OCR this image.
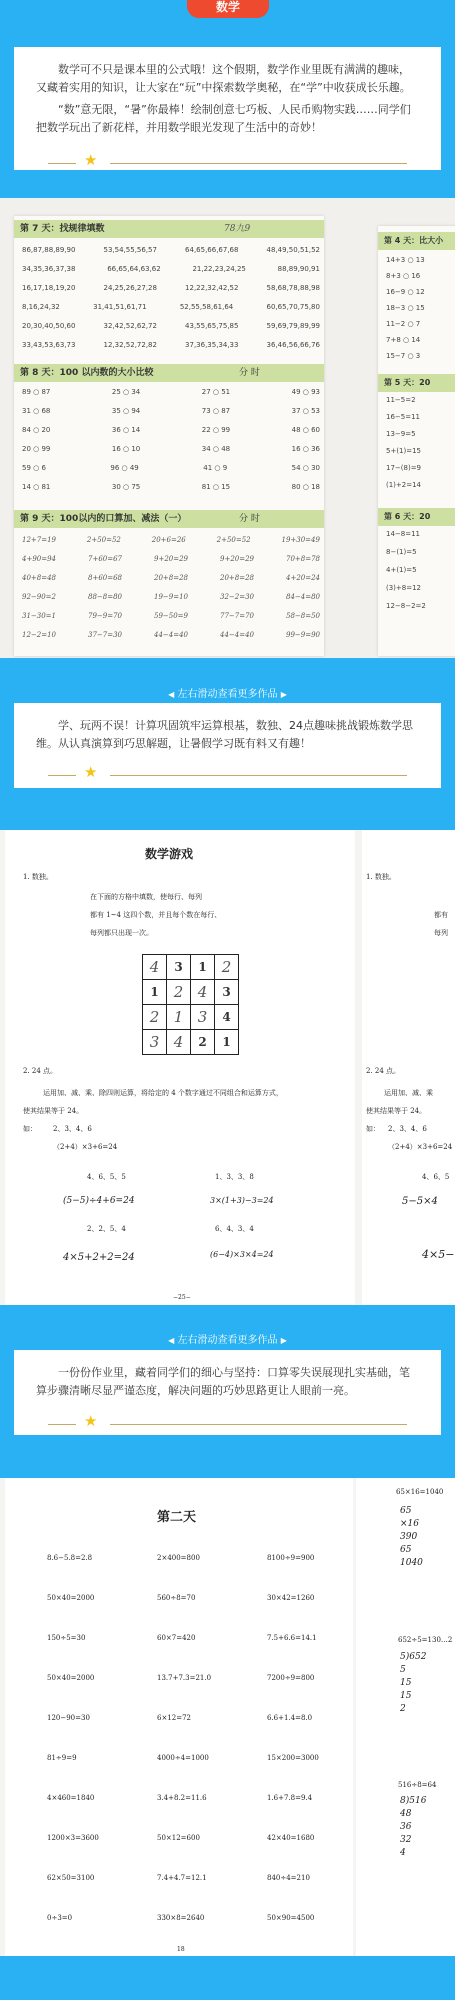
数学

数学可不只是课本里的公式哦！这个假期，数学作业里既有满满的趣味，又藏着实用的知识，让大家在“玩”中探索数学奥秘，在“学”中收获成长乐趣。

“数”意无限，“暑”你最棒！绘制创意七巧板、人民币购物实践……同学们把数学玩出了新花样，并用数学眼光发现了生活中的奇妙！

★
第 7 天：找规律填数	78九9
86,87,88,89,90	53,54,55,56,57	64,65,66,67,68	48,49,50,51,52
34,35,36,37,38	66,65,64,63,62	21,22,23,24,25	88,89,90,91
16,17,18,19,20	24,25,26,27,28	12,22,32,42,52	58,68,78,88,98
8,16,24,32	31,41,51,61,71	52,55,58,61,64	60,65,70,75,80
20,30,40,50,60	32,42,52,62,72	43,55,65,75,85	59,69,79,89,99
33,43,53,63,73	12,32,52,72,82	37,36,35,34,33	36,46,56,66,76
第 8 天：100 以内数的大小比较	分 时
89 ○ 87	25 ○ 34	27 ○ 51	49 ○ 93
31 ○ 68	35 ○ 94	73 ○ 87	37 ○ 53
84 ○ 20	36 ○ 14	22 ○ 99	48 ○ 60
20 ○ 99	16 ○ 10	34 ○ 48	16 ○ 36
59 ○ 6	96 ○ 49	41 ○ 9	54 ○ 30
14 ○ 81	30 ○ 75	81 ○ 15	80 ○ 18
第 9 天：100以内的口算加、减法（一）	分 时
12+7=19	2+50=52	20+6=26	2+50=52	19+30=49
4+90=94	7+60=67	9+20=29	9+20=29	70+8=78
40+8=48	8+60=68	20+8=28	20+8=28	4+20=24
92−90=2	88−8=80	19−9=10	32−2=30	84−4=80
31−30=1	79−9=70	59−50=9	77−7=70	58−8=50
12−2=10	37−7=30	44−4=40	44−4=40	99−9=90
第 4 天：比大小
14+3 ○ 13
8+3 ○ 16
16−9 ○ 12
18−3 ○ 15
11−2 ○ 7
7+8 ○ 14
15−7 ○ 3
第 5 天：20
11−5=2
16−5=11
13−9=5
5+(1)=15
17−(8)=9
(1)+2=14
第 6 天：20
14−8=11
8−(1)=5
4+(1)=5
(3)+8=12
12−8−2=2
◀ 左右滑动查看更多作品 ▶

学、玩两不误！计算巩固筑牢运算根基，数独、24点趣味挑战锻炼数学思维。从认真演算到巧思解题，让暑假学习既有料又有趣！

★
数学游戏
1. 数独。
在下面的方格中填数，使每行、每列
都有 1~4 这四个数，并且每个数在每行、
每列都只出现一次。
4	3	1	2
1	2	4	3
2	1	3	4
3	4	2	1
2. 24 点。
运用加、减、乘、除四则运算，将给定的 4 个数字通过不同组合和运算方式，
使其结果等于 24。
如： 2、3、4、6
（2+4）×3+6=24
4、6、5、5
(5−5)÷4+6=24
1、3、3、8
3×(1+3)−3=24
2、2、5、4
4×5+2+2=24
6、4、3、4
(6−4)×3×4=24
−25−
1. 数独。
都有
每列
2. 24 点。
运用加、减、乘
使其结果等于 24。
如： 2、3、4、6
（2+4）×3+6=24
4、6、5
5−5×4
4×5−
◀ 左右滑动查看更多作品 ▶

一份份作业里，藏着同学们的细心与坚持：口算零失误展现扎实基础，笔算步骤清晰尽显严谨态度，解决问题的巧妙思路更让人眼前一亮。

★
第二天
8.6−5.8=2.8	2×400=800	8100÷9=900
50×40=2000	560÷8=70	30×42=1260
150÷5=30	60×7=420	7.5+6.6=14.1
50×40=2000	13.7+7.3=21.0	7200÷9=800
120−90=30	6×12=72	6.6+1.4=8.0
81÷9=9	4000÷4=1000	15×200=3000
4×460=1840	3.4+8.2=11.6	1.6+7.8=9.4
1200×3=3600	50×12=600	42×40=1680
62×50=3100	7.4+4.7=12.1	840÷4=210
0÷3=0	330×8=2640	50×90=4500
18
65×16=1040
65
×16
390
65
1040
652÷5=130…2
5)652
5
15
15
2
516÷8=64
8)516
48
36
32
4
